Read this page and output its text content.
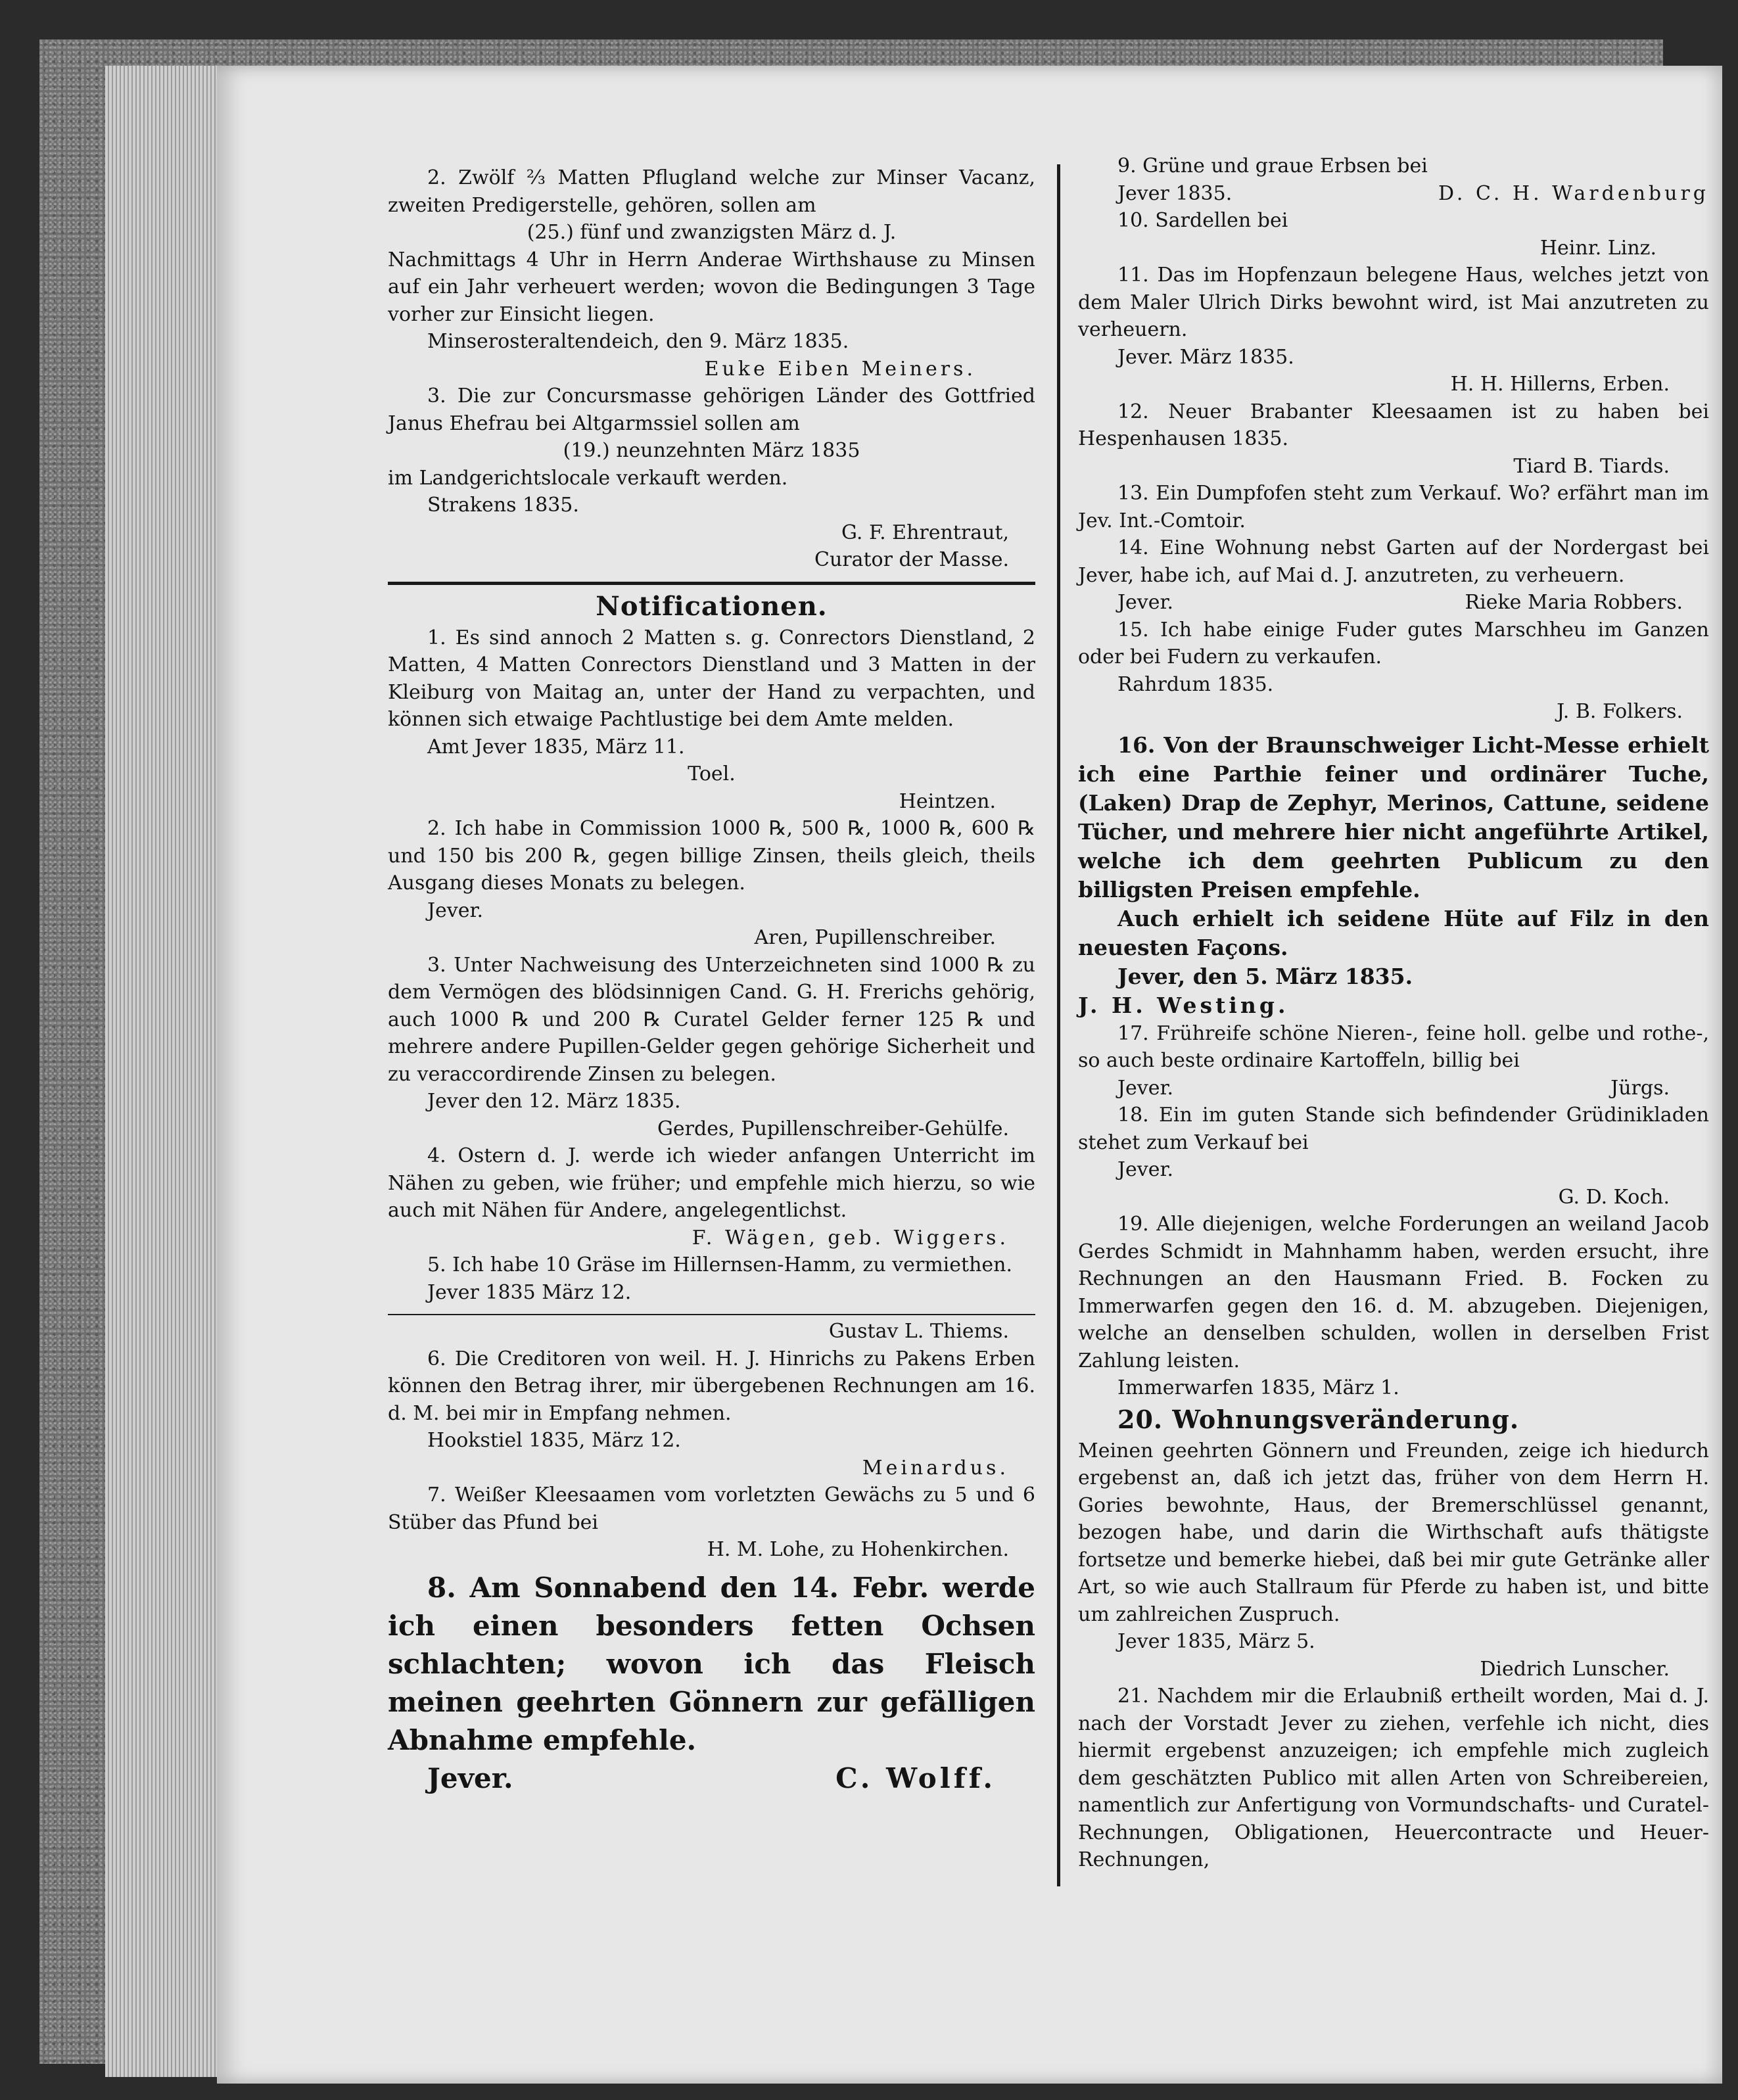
2. Zwölf ⅔ Matten Pflugland welche zur Minser Vacanz, zweiten Predigerstelle, gehören, sollen am

(25.) fünf und zwanzigsten März d. J.

Nachmittags 4 Uhr in Herrn Anderae Wirthshause zu Minsen auf ein Jahr verheuert werden; wovon die Bedingungen 3 Tage vorher zur Einsicht liegen.

Minserosteraltendeich, den 9. März 1835.

Euke Eiben Meiners.

3. Die zur Concursmasse gehörigen Länder des Gottfried Janus Ehefrau bei Altgarmssiel sollen am

(19.) neunzehnten März 1835

im Landgerichtslocale verkauft werden.

Strakens 1835.

G. F. Ehrentraut,

Curator der Masse.

Notificationen.

1. Es sind annoch 2 Matten s. g. Conrectors Dienstland, 2 Matten, 4 Matten Conrectors Dienstland und 3 Matten in der Kleiburg von Maitag an, unter der Hand zu verpachten, und können sich etwaige Pachtlustige bei dem Amte melden.

Amt Jever 1835, März 11.

Toel.

Heintzen.

2. Ich habe in Commission 1000 ℞, 500 ℞, 1000 ℞, 600 ℞ und 150 bis 200 ℞, gegen billige Zinsen, theils gleich, theils Ausgang dieses Monats zu belegen.

Jever.

Aren, Pupillenschreiber.

3. Unter Nachweisung des Unterzeichneten sind 1000 ℞ zu dem Vermögen des blödsinnigen Cand. G. H. Frerichs gehörig, auch 1000 ℞ und 200 ℞ Curatel Gelder ferner 125 ℞ und mehrere andere Pupillen-Gelder gegen gehörige Sicherheit und zu veraccordirende Zinsen zu belegen.

Jever den 12. März 1835.

Gerdes, Pupillenschreiber-Gehülfe.

4. Ostern d. J. werde ich wieder anfangen Unterricht im Nähen zu geben, wie früher; und empfehle mich hierzu, so wie auch mit Nähen für Andere, angelegentlichst.

F. Wägen, geb. Wiggers.

5. Ich habe 10 Gräse im Hillernsen-Hamm, zu vermiethen.

Jever 1835 März 12.

Gustav L. Thiems.

6. Die Creditoren von weil. H. J. Hinrichs zu Pakens Erben können den Betrag ihrer, mir übergebenen Rechnungen am 16. d. M. bei mir in Empfang nehmen.

Hookstiel 1835, März 12.

Meinardus.

7. Weißer Kleesaamen vom vorletzten Gewächs zu 5 und 6 Stüber das Pfund bei

H. M. Lohe, zu Hohenkirchen.

8. Am Sonnabend den 14. Febr. werde ich einen besonders fetten Ochsen schlachten; wovon ich das Fleisch meinen geehrten Gönnern zur gefälligen Abnahme empfehle.

Jever.	C. Wolff.

9. Grüne und graue Erbsen bei

Jever 1835.	D. C. H. Wardenburg

10. Sardellen bei

Heinr. Linz.

11. Das im Hopfenzaun belegene Haus, welches jetzt von dem Maler Ulrich Dirks bewohnt wird, ist Mai anzutreten zu verheuern.

Jever. März 1835.

H. H. Hillerns, Erben.

12. Neuer Brabanter Kleesaamen ist zu haben bei Hespenhausen 1835.

Tiard B. Tiards.

13. Ein Dumpfofen steht zum Verkauf. Wo? erfährt man im Jev. Int.-Comtoir.

14. Eine Wohnung nebst Garten auf der Nordergast bei Jever, habe ich, auf Mai d. J. anzutreten, zu verheuern.

Jever.	Rieke Maria Robbers.

15. Ich habe einige Fuder gutes Marschheu im Ganzen oder bei Fudern zu verkaufen.

Rahrdum 1835.

J. B. Folkers.

16. Von der Braunschweiger Licht-Messe erhielt ich eine Parthie feiner und ordinärer Tuche, (Laken) Drap de Zephyr, Merinos, Cattune, seidene Tücher, und mehrere hier nicht angeführte Artikel, welche ich dem geehrten Publicum zu den billigsten Preisen empfehle.

Auch erhielt ich seidene Hüte auf Filz in den neuesten Façons.

Jever, den 5. März 1835.

J. H. Westing.

17. Frühreife schöne Nieren-, feine holl. gelbe und rothe-, so auch beste ordinaire Kartoffeln, billig bei

Jever.	Jürgs.

18. Ein im guten Stande sich befindender Grüdinikladen stehet zum Verkauf bei

Jever.

G. D. Koch.

19. Alle diejenigen, welche Forderungen an weiland Jacob Gerdes Schmidt in Mahnhamm haben, werden ersucht, ihre Rechnungen an den Hausmann Fried. B. Focken zu Immerwarfen gegen den 16. d. M. abzugeben. Diejenigen, welche an denselben schulden, wollen in derselben Frist Zahlung leisten.

Immerwarfen 1835, März 1.

20. Wohnungsveränderung.

Meinen geehrten Gönnern und Freunden, zeige ich hiedurch ergebenst an, daß ich jetzt das, früher von dem Herrn H. Gories bewohnte, Haus, der Bremerschlüssel genannt, bezogen habe, und darin die Wirthschaft aufs thätigste fortsetze und bemerke hiebei, daß bei mir gute Getränke aller Art, so wie auch Stallraum für Pferde zu haben ist, und bitte um zahlreichen Zuspruch.

Jever 1835, März 5.

Diedrich Lunscher.

21. Nachdem mir die Erlaubniß ertheilt worden, Mai d. J. nach der Vorstadt Jever zu ziehen, verfehle ich nicht, dies hiermit ergebenst anzuzeigen; ich empfehle mich zugleich dem geschätzten Publico mit allen Arten von Schreibereien, namentlich zur Anfertigung von Vormundschafts- und Curatel-Rechnungen, Obligationen, Heuercontracte und Heuer-Rechnungen,
